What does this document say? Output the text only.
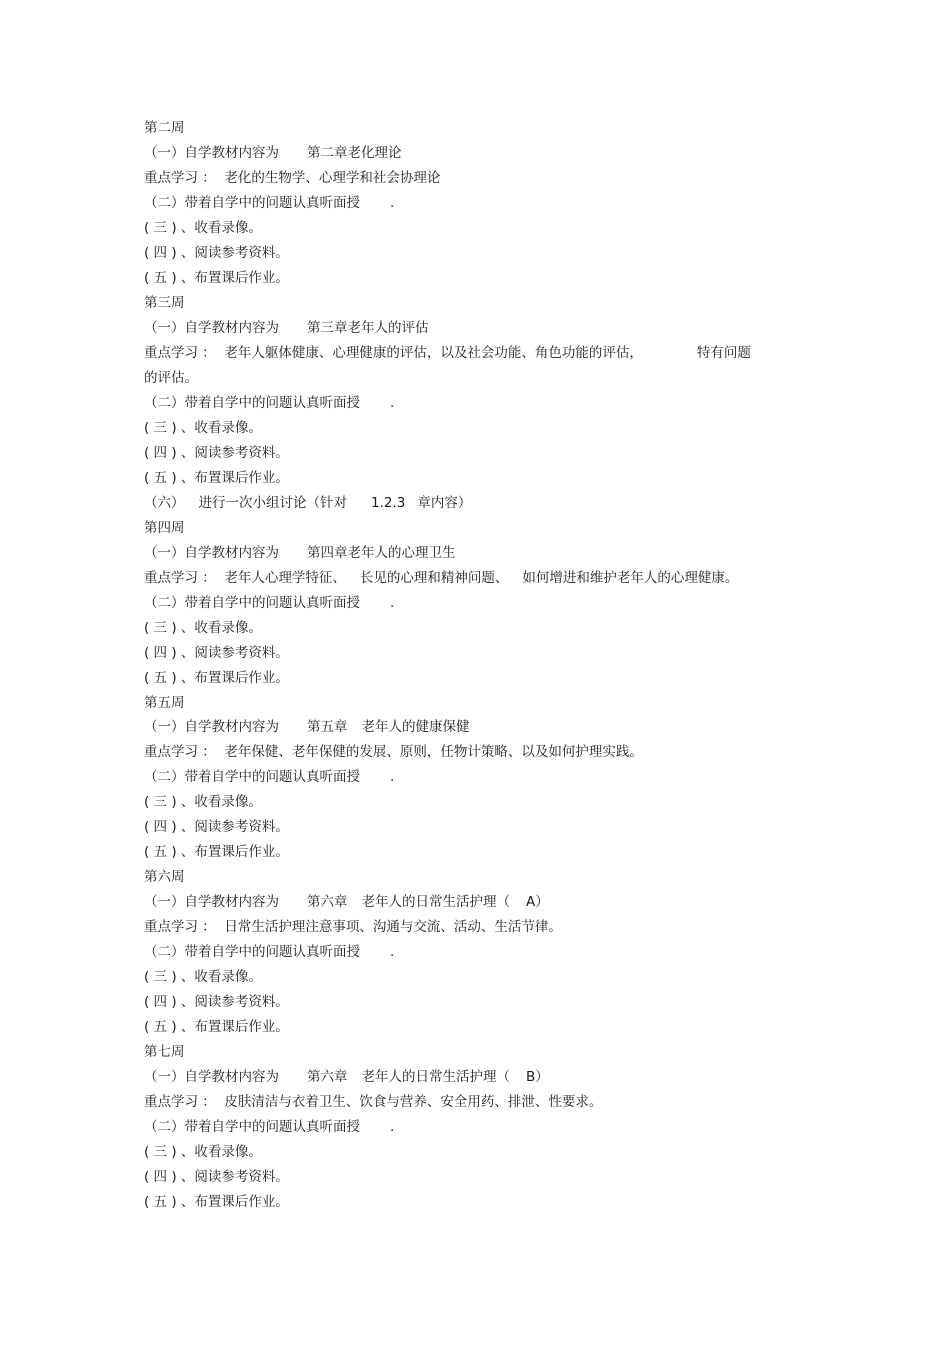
第二周
（一）自学教材内容为 第二章老化理论
重点学习 ：  老化的生物学、心理学和社会协理论
（二）带着自学中的问题认真听面授 .
( 三 ) 、收看录像。
( 四 ) 、阅读参考资料。
( 五 ) 、布置课后作业。
第三周
（一）自学教材内容为 第三章老年人的评估
重点学习 ：  老年人躯体健康、心理健康的评估，以及社会功能、角色功能的评估，	特有问题
的评估。
（二）带着自学中的问题认真听面授 .
( 三 ) 、收看录像。
( 四 ) 、阅读参考资料。
( 五 ) 、布置课后作业。
（六） 进行一次小组讨论（针对 1.2.3 章内容）
第四周
（一）自学教材内容为 第四章老年人的心理卫生
重点学习 ：  老年人心理学特征、 长见的心理和精神问题、 如何增进和维护老年人的心理健康。
（二）带着自学中的问题认真听面授 .
( 三 ) 、收看录像。
( 四 ) 、阅读参考资料。
( 五 ) 、布置课后作业。
第五周
（一）自学教材内容为 第五章 老年人的健康保健
重点学习 ：  老年保健、老年保健的发展、原则，任物计策略、以及如何护理实践。
（二）带着自学中的问题认真听面授 .
( 三 ) 、收看录像。
( 四 ) 、阅读参考资料。
( 五 ) 、布置课后作业。
第六周
（一）自学教材内容为 第六章 老年人的日常生活护理（ A）
重点学习 ：  日常生活护理注意事项、沟通与交流、活动、生活节律。
（二）带着自学中的问题认真听面授 .
( 三 ) 、收看录像。
( 四 ) 、阅读参考资料。
( 五 ) 、布置课后作业。
第七周
（一）自学教材内容为 第六章 老年人的日常生活护理（ B）
重点学习 ：  皮肤清洁与衣着卫生、饮食与营养、安全用药、排泄、性要求。
（二）带着自学中的问题认真听面授 .
( 三 ) 、收看录像。
( 四 ) 、阅读参考资料。
( 五 ) 、布置课后作业。
